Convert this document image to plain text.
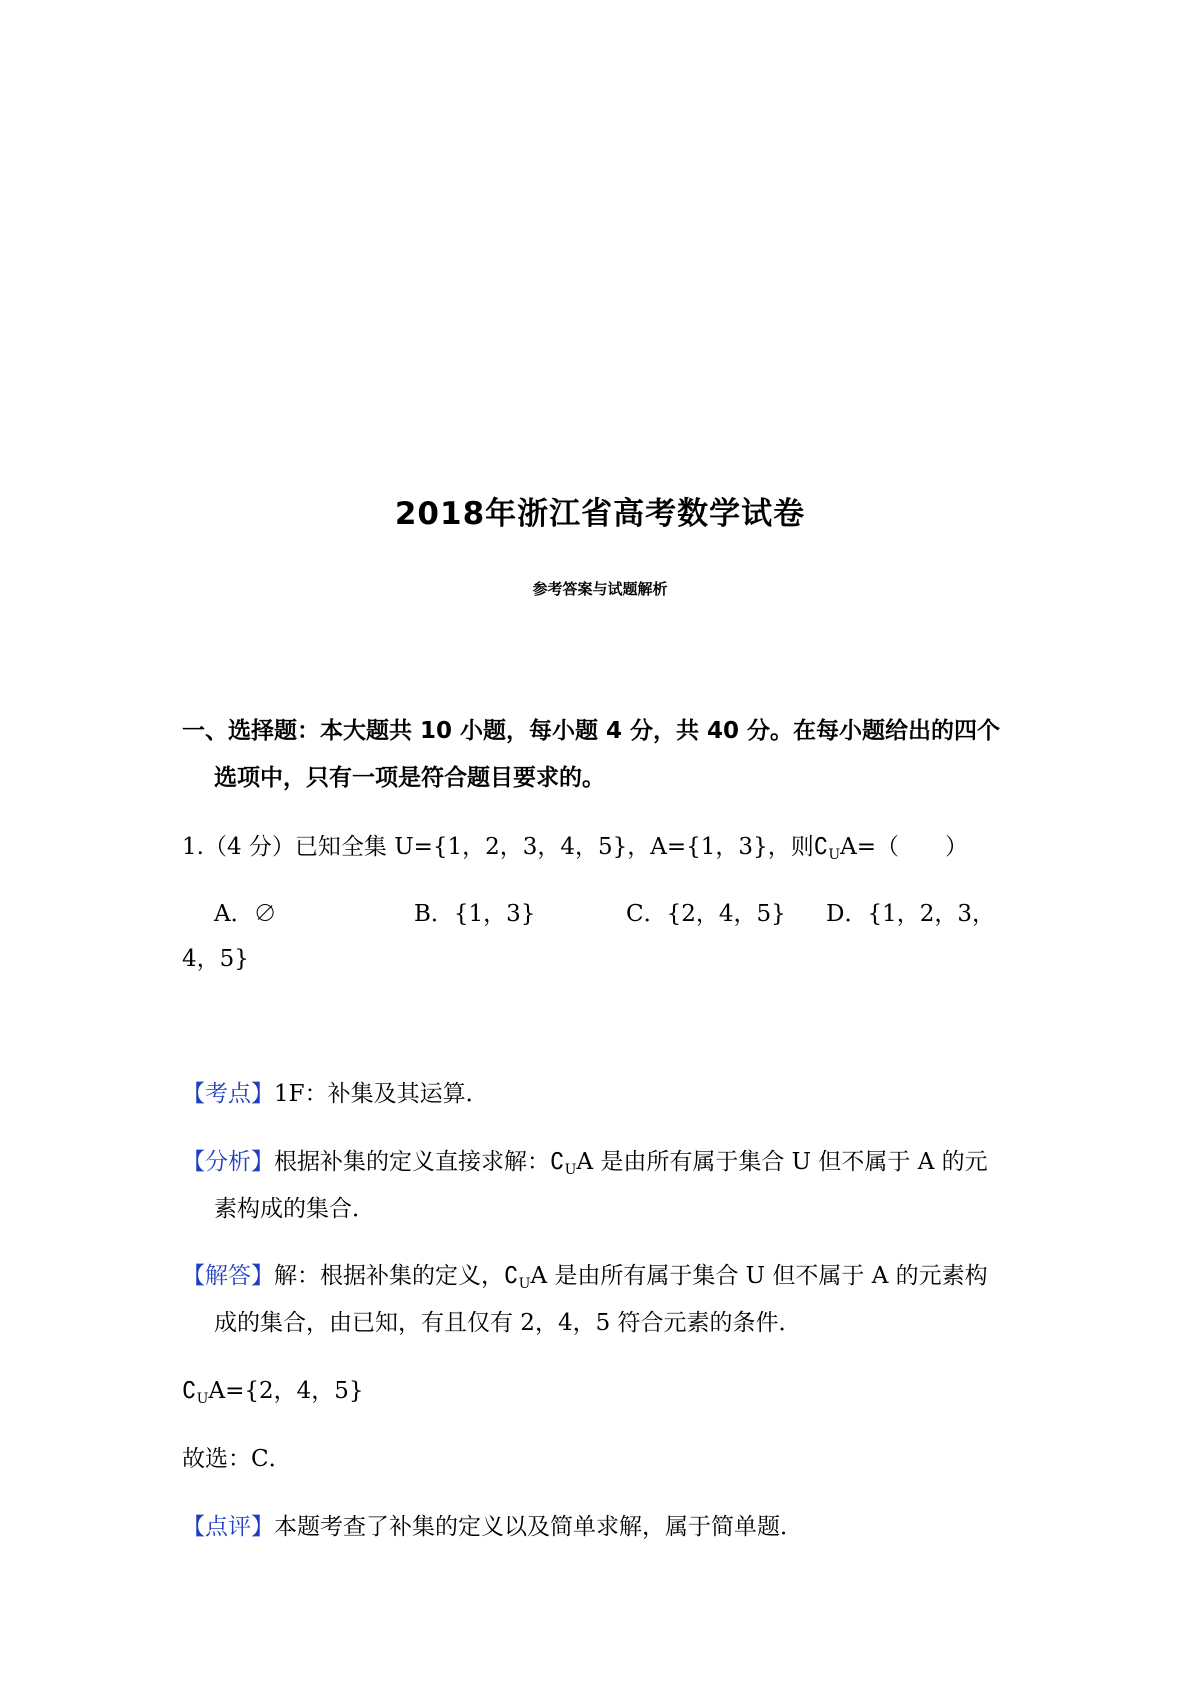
2018年浙江省高考数学试卷
参考答案与试题解析
一、选择题：本大题共 10 小题，每小题 4 分，共 40 分。在每小题给出的四个
选项中，只有一项是符合题目要求的。
1.（4 分）已知全集 U={1，2，3，4，5}，A={1，3}，则$∁_UA=$（　　）
A．∅	B．{1，3}	C．{2，4，5} D．{1，2，3，
4，5}
【考点】1F：补集及其运算．
【分析】根据补集的定义直接求解：$∁_UA$ 是由所有属于集合 U 但不属于 A 的元
素构成的集合．
【解答】解：根据补集的定义，$∁_UA$ 是由所有属于集合 U 但不属于 A 的元素构
成的集合，由已知，有且仅有 2，4，5 符合元素的条件．
$∁_UA=\{2$，4，5}
故选：C．
【点评】本题考查了补集的定义以及简单求解，属于简单题．
